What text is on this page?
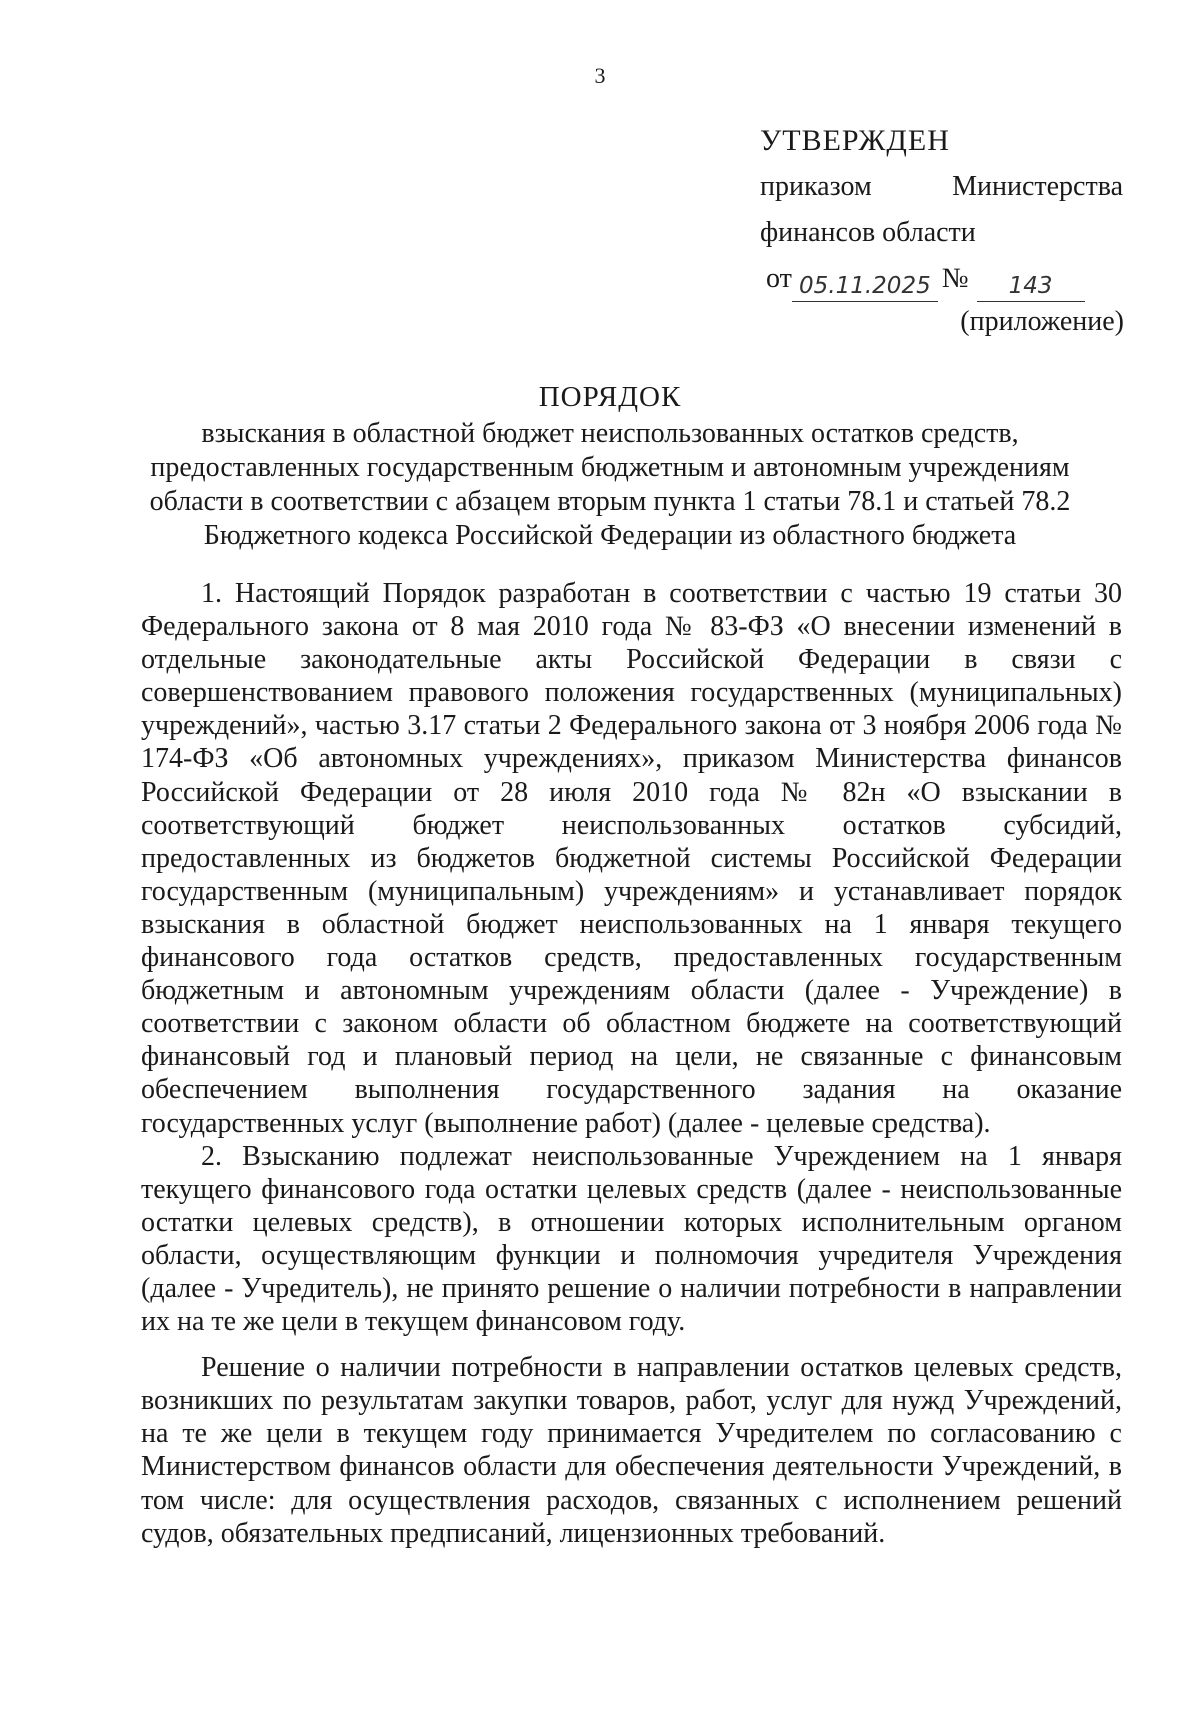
3
УТВЕРЖДЕН
приказом	Министерства
финансов области
от 05.11.2025 №	143
(приложение)
ПОРЯДОК
взыскания в областной бюджет неиспользованных остатков средств,
предоставленных государственным бюджетным и автономным учреждениям
области в соответствии с абзацем вторым пункта 1 статьи 78.1 и статьей 78.2
Бюджетного кодекса Российской Федерации из областного бюджета

1. Настоящий Порядок разработан в соответствии с частью 19 статьи 30 Федерального закона от 8 мая 2010 года № 83-ФЗ «О внесении изменений в отдельные законодательные акты Российской Федерации в связи с совершенствованием правового положения государственных (муниципальных) учреждений», частью 3.17 статьи 2 Федерального закона от 3 ноября 2006 года № 174-ФЗ «Об автономных учреждениях», приказом Министерства финансов Российской Федерации от 28 июля 2010 года № 82н «О взыскании в соответствующий бюджет неиспользованных остатков субсидий, предоставленных из бюджетов бюджетной системы Российской Федерации государственным (муниципальным) учреждениям» и устанавливает порядок взыскания в областной бюджет неиспользованных на 1 января текущего финансового года остатков средств, предоставленных государственным бюджетным и автономным учреждениям области (далее - Учреждение) в соответствии с законом области об областном бюджете на соответствующий финансовый год и плановый период на цели, не связанные с финансовым обеспечением выполнения государственного задания на оказание государственных услуг (выполнение работ) (далее - целевые средства).

2. Взысканию подлежат неиспользованные Учреждением на 1 января текущего финансового года остатки целевых средств (далее - неиспользованные остатки целевых средств), в отношении которых исполнительным органом области, осуществляющим функции и полномочия учредителя Учреждения (далее - Учредитель), не принято решение о наличии потребности в направлении их на те же цели в текущем финансовом году.

Решение о наличии потребности в направлении остатков целевых средств, возникших по результатам закупки товаров, работ, услуг для нужд Учреждений, на те же цели в текущем году принимается Учредителем по согласованию с Министерством финансов области для обеспечения деятельности Учреждений, в том числе: для осуществления расходов, связанных с исполнением решений судов, обязательных предписаний, лицензионных требований.
